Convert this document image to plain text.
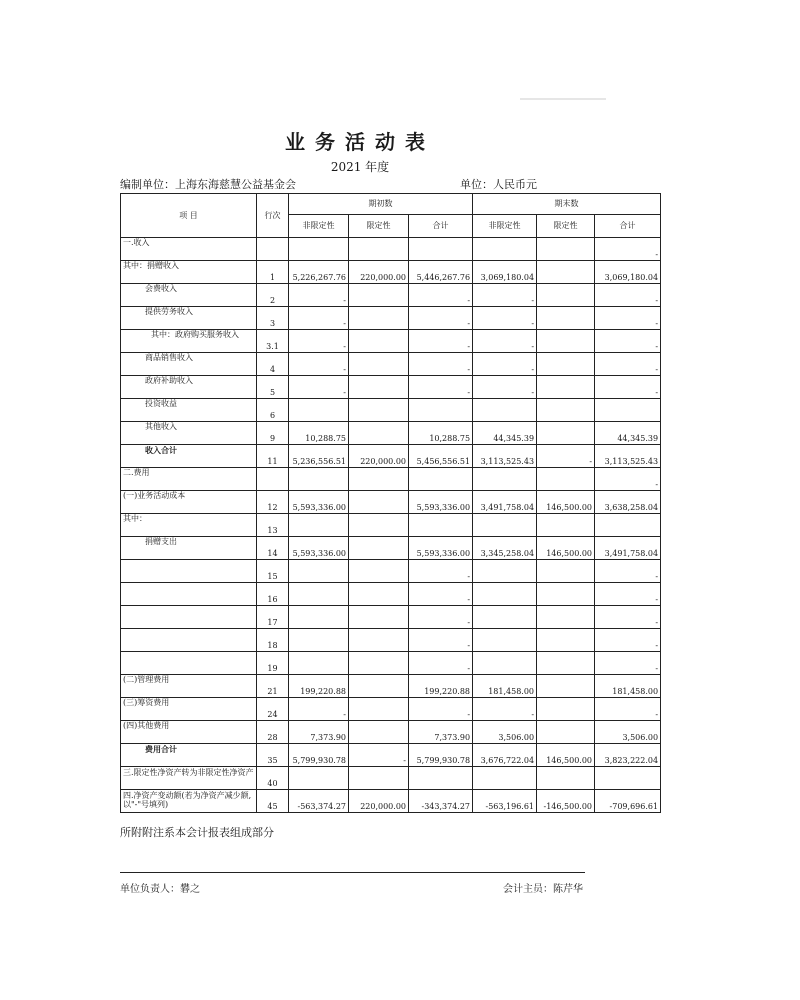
业务活动表
2021 年度
编制单位：上海东海慈慧公益基金会	单位：人民币元
项 目	行次	期初数			期末数		
		非限定性	限定性	合计	非限定性	限定性	合计
一.收入							-
其中：捐赠收入	1	5,226,267.76	220,000.00	5,446,267.76	3,069,180.04		3,069,180.04
会费收入	2	-		-	-		-
提供劳务收入	3	-		-	-		-
其中：政府购买服务收入	3.1	-		-	-		-
商品销售收入	4	-		-	-		-
政府补助收入	5	-		-	-		-
投资收益	6						
其他收入	9	10,288.75		10,288.75	44,345.39		44,345.39
收入合计	11	5,236,556.51	220,000.00	5,456,556.51	3,113,525.43	-	3,113,525.43
二.费用							-
(一)业务活动成本	12	5,593,336.00		5,593,336.00	3,491,758.04	146,500.00	3,638,258.04
其中：	13						
捐赠支出	14	5,593,336.00		5,593,336.00	3,345,258.04	146,500.00	3,491,758.04
	15			-			-
	16			-			-
	17			-			-
	18			-			-
	19			-			-
(二)管理费用	21	199,220.88		199,220.88	181,458.00		181,458.00
(三)筹资费用	24	-		-	-		-
(四)其他费用	28	7,373.90		7,373.90	3,506.00		3,506.00
费用合计	35	5,799,930.78	-	5,799,930.78	3,676,722.04	146,500.00	3,823,222.04
三.限定性净资产转为非限定性净资产	40						
四.净资产变动额(若为净资产减少额,以"-"号填列)	45	-563,374.27	220,000.00	-343,374.27	-563,196.61	-146,500.00	-709,696.61
所附附注系本会计报表组成部分
单位负责人：礬之	会计主员：陈芹华
